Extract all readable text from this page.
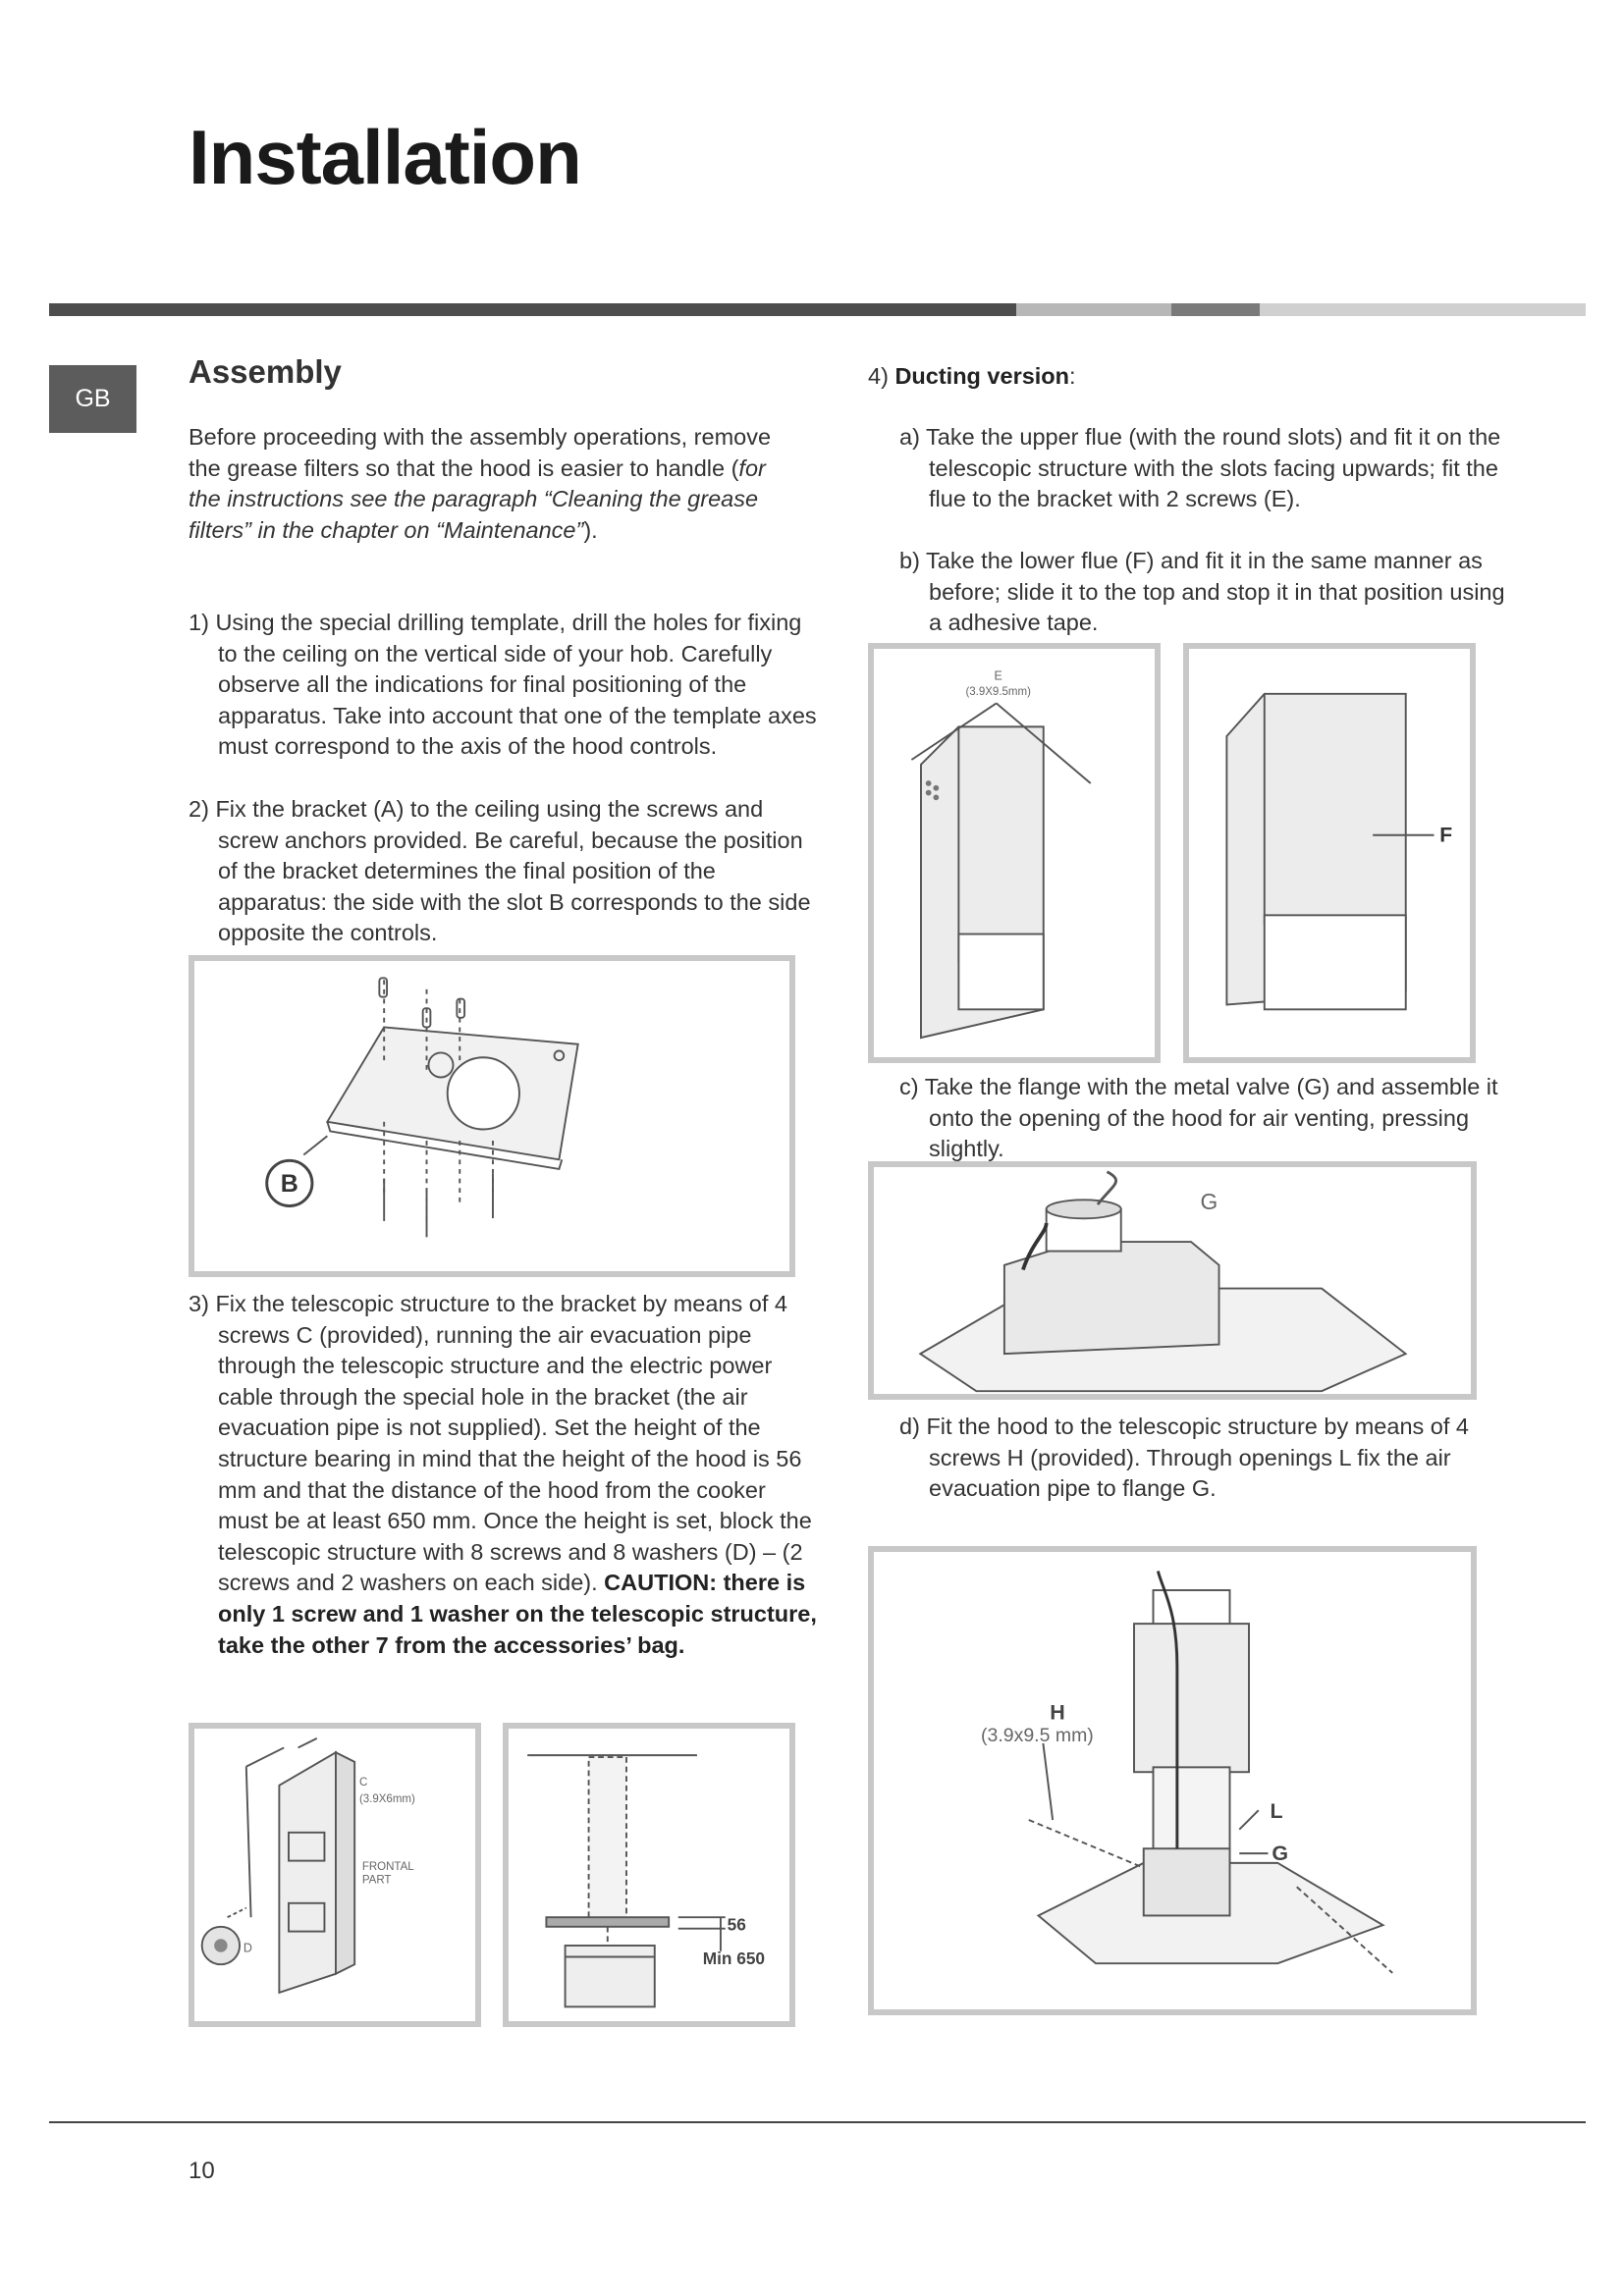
Installation
GB
Assembly

Before proceeding with the assembly operations, remove the grease filters so that the hood is easier to handle (for the instructions see the paragraph “Cleaning the grease filters” in the chapter on “Maintenance”).

1) Using the special drilling template, drill the holes for fixing to the ceiling on the vertical side of your hob. Carefully observe all the indications for final positioning of the apparatus. Take into account that one of the template axes must correspond to the axis of the hood controls.

2) Fix the bracket (A) to the ceiling using the screws and screw anchors provided. Be careful, because the position of the bracket determines the final position of the apparatus: the side with the slot B corresponds to the side opposite the controls.

B

3) Fix the telescopic structure to the bracket by means of 4 screws C (provided), running the air evacuation pipe through the telescopic structure and the electric power cable through the special hole in the bracket (the air evacuation pipe is not supplied). Set the height of the structure bearing in mind that the height of the hood is 56 mm and that the distance of the hood from the cooker must be at least 650 mm. Once the height is set, block the telescopic structure with 8 screws and 8 washers (D) – (2 screws and 2 washers on each side). CAUTION: there is only 1 screw and 1 washer on the telescopic structure, take the other 7 from the accessories’ bag.

C
(3.9X6mm)
FRONTAL
PART
D
56
Min 650

4) Ducting version:

a) Take the upper flue (with the round slots) and fit it on the telescopic structure with the slots facing upwards; fit the flue to the bracket with 2 screws (E).

b) Take the lower flue (F) and fit it in the same manner as before; slide it to the top and stop it in that position using a adhesive tape.

E
(3.9X9.5mm)
F

c) Take the flange with the metal valve (G) and assemble it onto the opening of the hood for air venting, pressing slightly.

G

d) Fit the hood to the telescopic structure by means of 4 screws H (provided). Through openings L fix the air evacuation pipe to flange G.

H
(3.9x9.5 mm)
L
G
10
